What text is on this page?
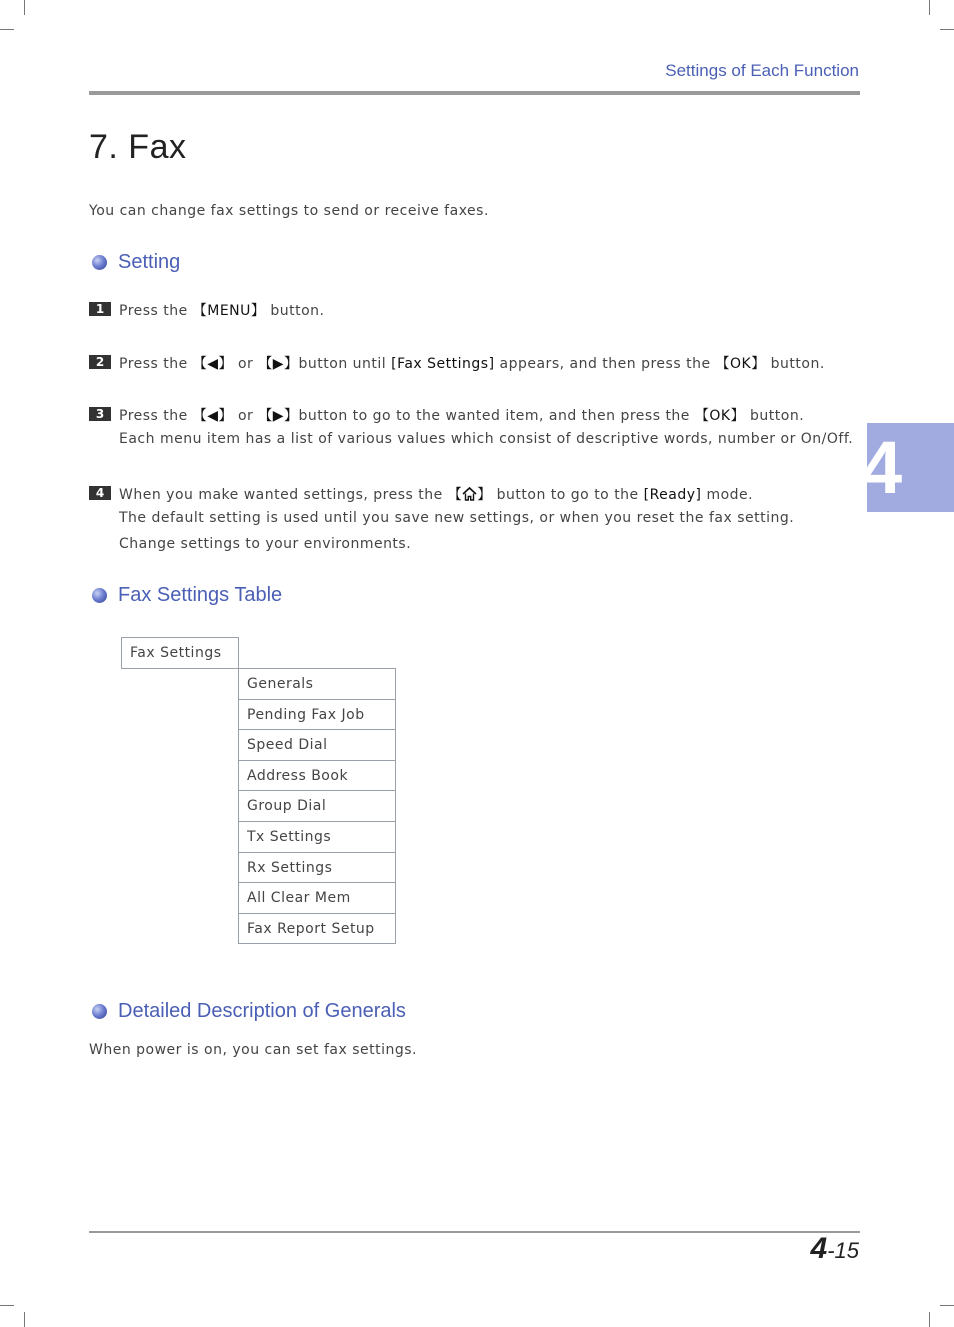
Settings of Each Function
7. Fax

You can change fax settings to send or receive faxes.

Setting
1	Press the 【MENU】 button.
2	Press the 【◀】 or 【▶】button until [Fax Settings] appears, and then press the 【OK】 button.
3	Press the 【◀】 or 【▶】button to go to the wanted item, and then press the 【OK】 button.
Each menu item has a list of various values which consist of descriptive words, number or On/Off.
4	When you make wanted settings, press the 【 】 button to go to the [Ready] mode.
The default setting is used until you save new settings, or when you reset the fax setting.
Change settings to your environments.
4
Fax Settings Table
Fax Settings
Generals
Pending Fax Job
Speed Dial
Address Book
Group Dial
Tx Settings
Rx Settings
All Clear Mem
Fax Report Setup
Detailed Description of Generals

When power is on, you can set fax settings.

4-15
